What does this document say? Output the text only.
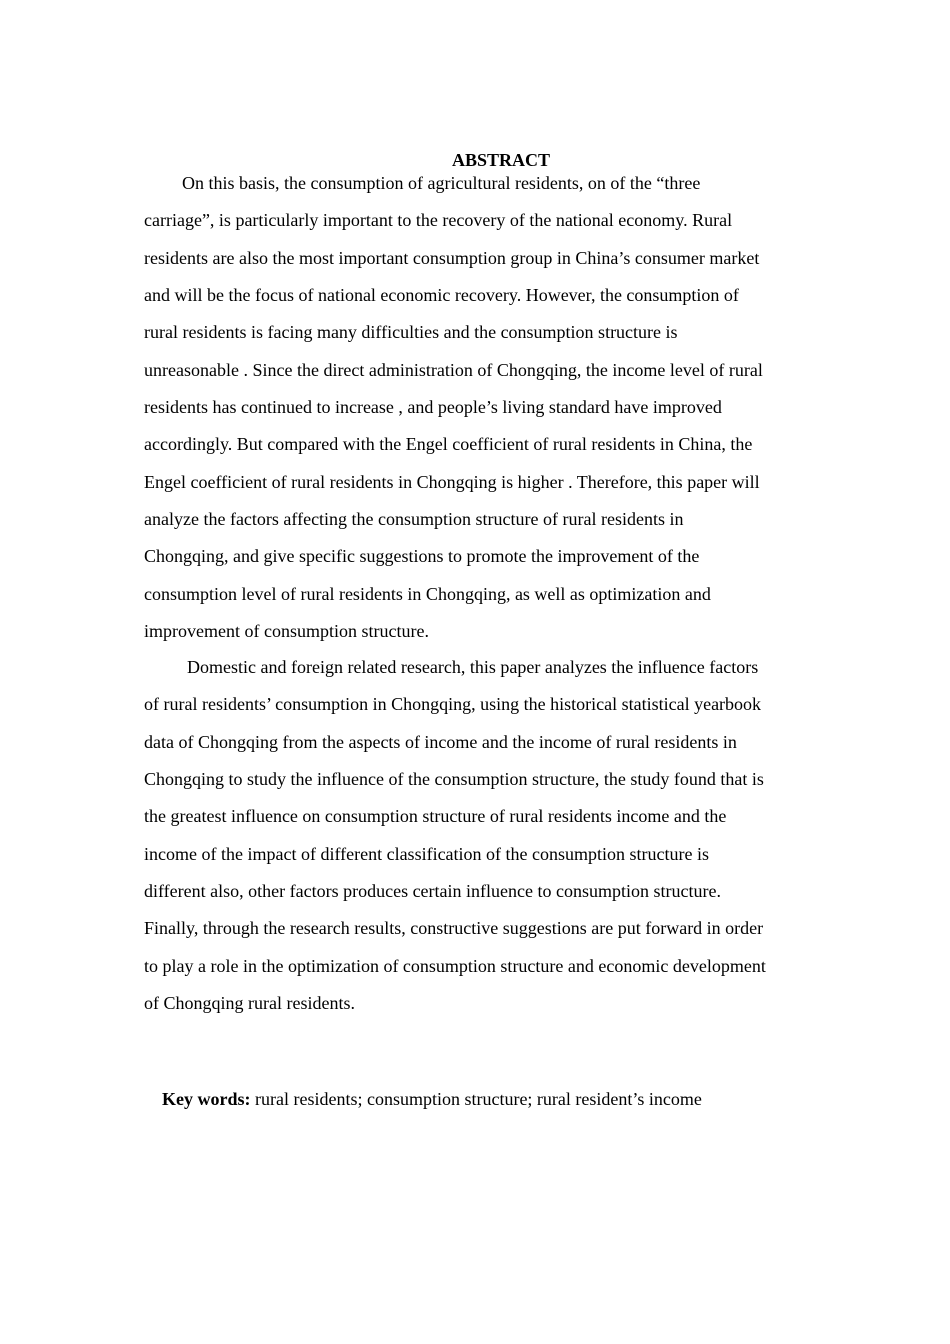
ABSTRACT
On this basis, the consumption of agricultural residents, on of the “three
carriage”, is particularly important to the recovery of the national economy. Rural
residents are also the most important consumption group in China’s consumer market
and will be the focus of national economic recovery. However, the consumption of
rural residents is facing many difficulties and the consumption structure is
unreasonable . Since the direct administration of Chongqing, the income level of rural
residents has continued to increase , and people’s living standard have improved
accordingly. But compared with the Engel coefficient of rural residents in China, the
Engel coefficient of rural residents in Chongqing is higher . Therefore, this paper will
analyze the factors affecting the consumption structure of rural residents in
Chongqing, and give specific suggestions to promote the improvement of the
consumption level of rural residents in Chongqing, as well as optimization and
improvement of consumption structure.
Domestic and foreign related research, this paper analyzes the influence factors
of rural residents’ consumption in Chongqing, using the historical statistical yearbook
data of Chongqing from the aspects of income and the income of rural residents in
Chongqing to study the influence of the consumption structure, the study found that is
the greatest influence on consumption structure of rural residents income and the
income of the impact of different classification of the consumption structure is
different also, other factors produces certain influence to consumption structure.
Finally, through the research results, constructive suggestions are put forward in order
to play a role in the optimization of consumption structure and economic development
of Chongqing rural residents.
Key words: rural residents; consumption structure; rural resident’s income
